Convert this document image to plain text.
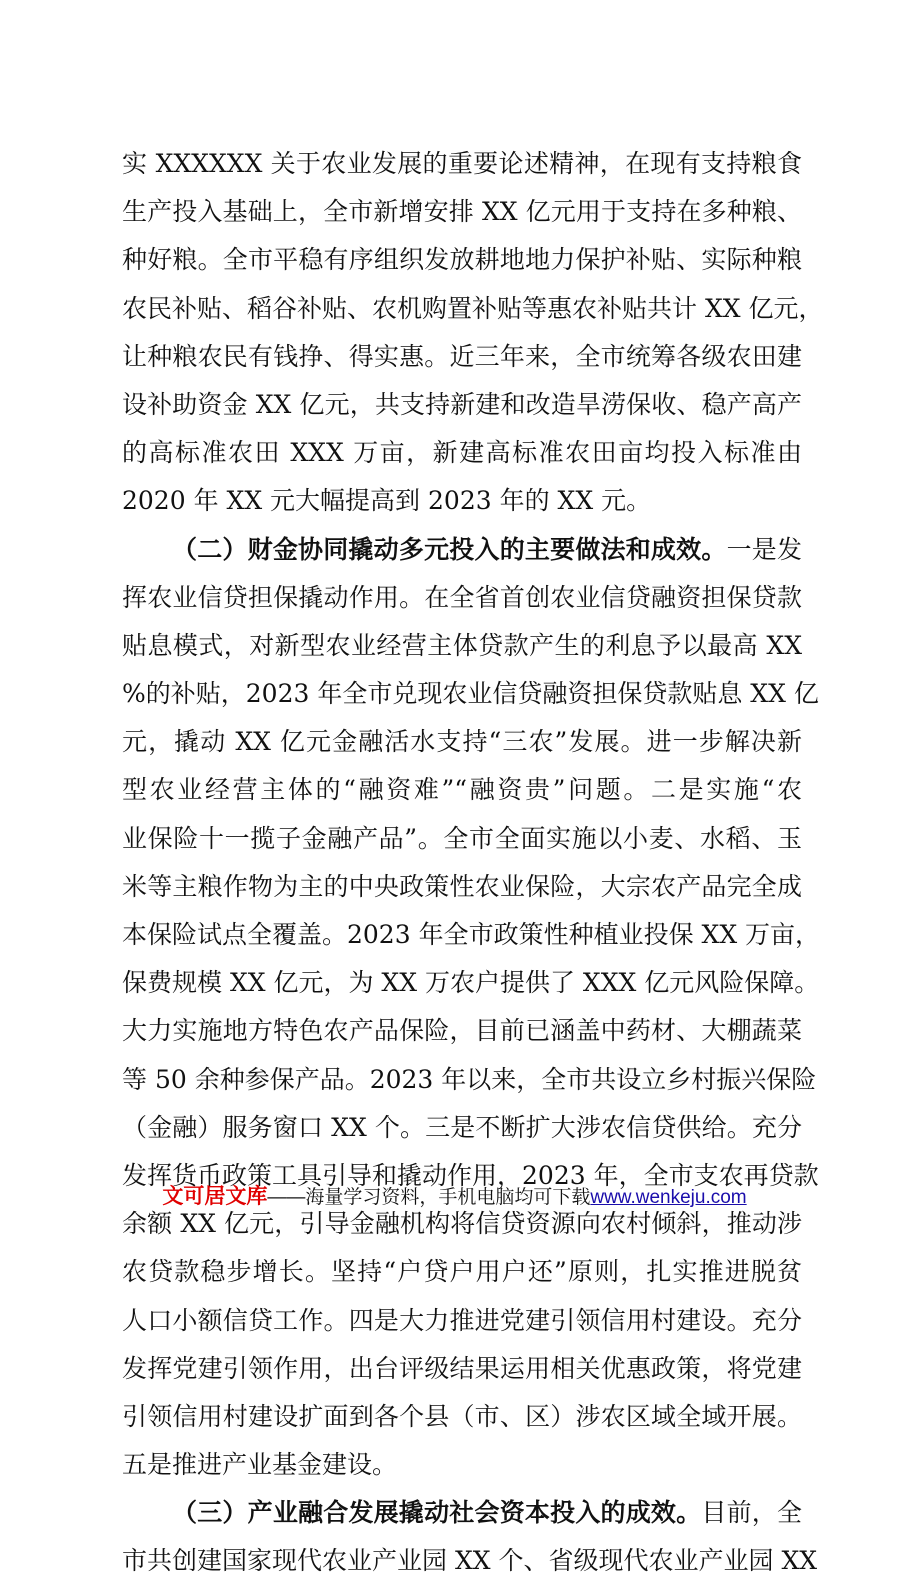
实 XXXXXX 关于农业发展的重要论述精神，在现有支持粮食
生产投入基础上，全市新增安排 XX 亿元用于支持在多种粮、
种好粮。全市平稳有序组织发放耕地地力保护补贴、实际种粮
农民补贴、稻谷补贴、农机购置补贴等惠农补贴共计 XX 亿元，
让种粮农民有钱挣、得实惠。近三年来，全市统筹各级农田建
设补助资金 XX 亿元，共支持新建和改造旱涝保收、稳产高产
的高标准农田 XXX 万亩，新建高标准农田亩均投入标准由
2020 年 XX 元大幅提高到 2023 年的 XX 元。
（二）财金协同撬动多元投入的主要做法和成效。一是发
挥农业信贷担保撬动作用。在全省首创农业信贷融资担保贷款
贴息模式，对新型农业经营主体贷款产生的利息予以最高 XX
%的补贴，2023 年全市兑现农业信贷融资担保贷款贴息 XX 亿
元，撬动 XX 亿元金融活水支持“三农”发展。进一步解决新
型农业经营主体的“融资难”“融资贵”问题。二是实施“农
业保险十一揽子金融产品”。全市全面实施以小麦、水稻、玉
米等主粮作物为主的中央政策性农业保险，大宗农产品完全成
本保险试点全覆盖。2023 年全市政策性种植业投保 XX 万亩，
保费规模 XX 亿元，为 XX 万农户提供了 XXX 亿元风险保障。
大力实施地方特色农产品保险，目前已涵盖中药材、大棚蔬菜
等 50 余种参保产品。2023 年以来，全市共设立乡村振兴保险
（金融）服务窗口 XX 个。三是不断扩大涉农信贷供给。充分
发挥货币政策工具引导和撬动作用，2023 年，全市支农再贷款
余额 XX 亿元，引导金融机构将信贷资源向农村倾斜，推动涉
农贷款稳步增长。坚持“户贷户用户还”原则，扎实推进脱贫
人口小额信贷工作。四是大力推进党建引领信用村建设。充分
发挥党建引领作用，出台评级结果运用相关优惠政策，将党建
引领信用村建设扩面到各个县（市、区）涉农区域全域开展。
五是推进产业基金建设。
（三）产业融合发展撬动社会资本投入的成效。目前，全
市共创建国家现代农业产业园 XX 个、省级现代农业产业园 XX
文可居文库——海量学习资料，手机电脑均可下载www.wenkeju.com
